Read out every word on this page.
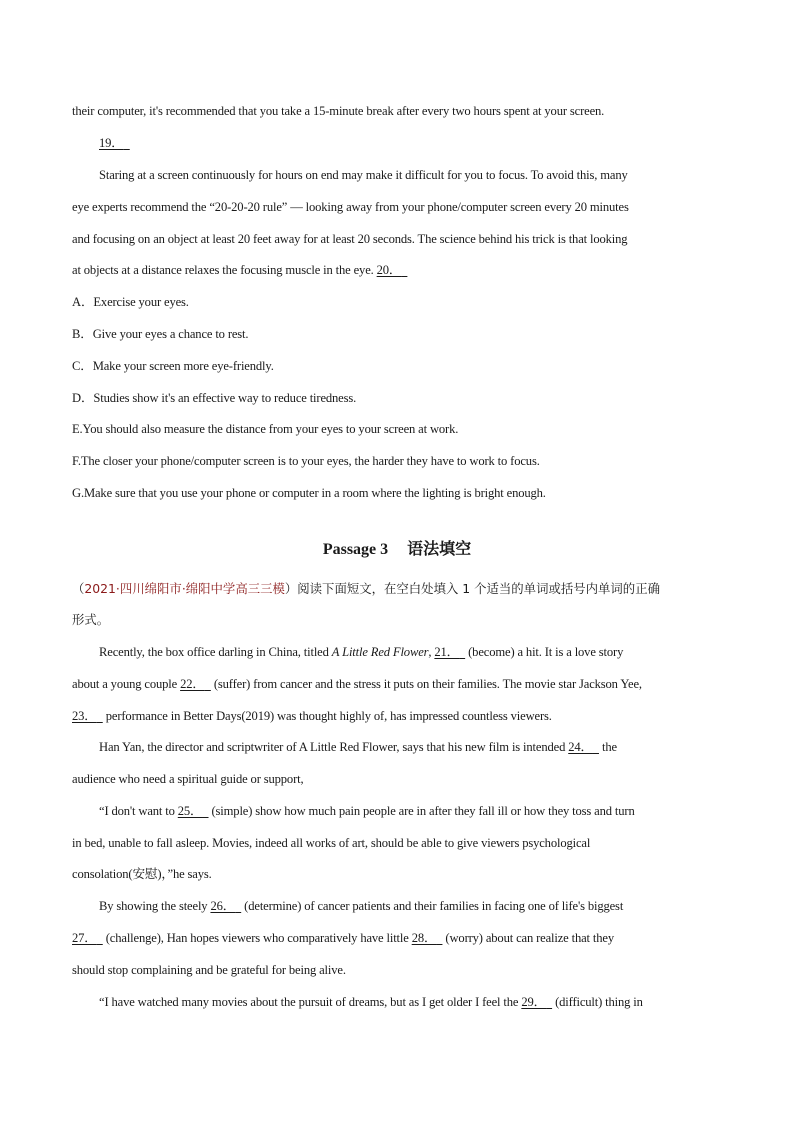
their computer, it's recommended that you take a 15-minute break after every two hours spent at your screen.
19．
Staring at a screen continuously for hours on end may make it difficult for you to focus. To avoid this, many
eye experts recommend the “20-20-20 rule” — looking away from your phone/computer screen every 20 minutes
and focusing on an object at least 20 feet away for at least 20 seconds. The science behind his trick is that looking
at objects at a distance relaxes the focusing muscle in the eye. 20．
A．Exercise your eyes.
B．Give your eyes a chance to rest.
C．Make your screen more eye-friendly.
D．Studies show it's an effective way to reduce tiredness.
E.You should also measure the distance from your eyes to your screen at work.
F.The closer your phone/computer screen is to your eyes, the harder they have to work to focus.
G.Make sure that you use your phone or computer in a room where the lighting is bright enough.
Passage 3 语法填空
（2021·四川绵阳市·绵阳中学高三三模）阅读下面短文，在空白处填入 1 个适当的单词或括号内单词的正确
形式。
Recently, the box office darling in China, titled A Little Red Flower, 21．   (become) a hit. It is a love story
about a young couple 22．   (suffer) from cancer and the stress it puts on their families. The movie star Jackson Yee,
23．   performance in Better Days(2019) was thought highly of, has impressed countless viewers.
Han Yan, the director and scriptwriter of A Little Red Flower, says that his new film is intended 24．   the
audience who need a spiritual guide or support,
“I don't want to 25．   (simple) show how much pain people are in after they fall ill or how they toss and turn
in bed, unable to fall asleep. Movies, indeed all works of art, should be able to give viewers psychological
consolation(安慰)，”he says.
By showing the steely 26．   (determine) of cancer patients and their families in facing one of life's biggest
27．   (challenge), Han hopes viewers who comparatively have little 28．   (worry) about can realize that they
should stop complaining and be grateful for being alive.
“I have watched many movies about the pursuit of dreams, but as I get older I feel the 29．   (difficult) thing in
